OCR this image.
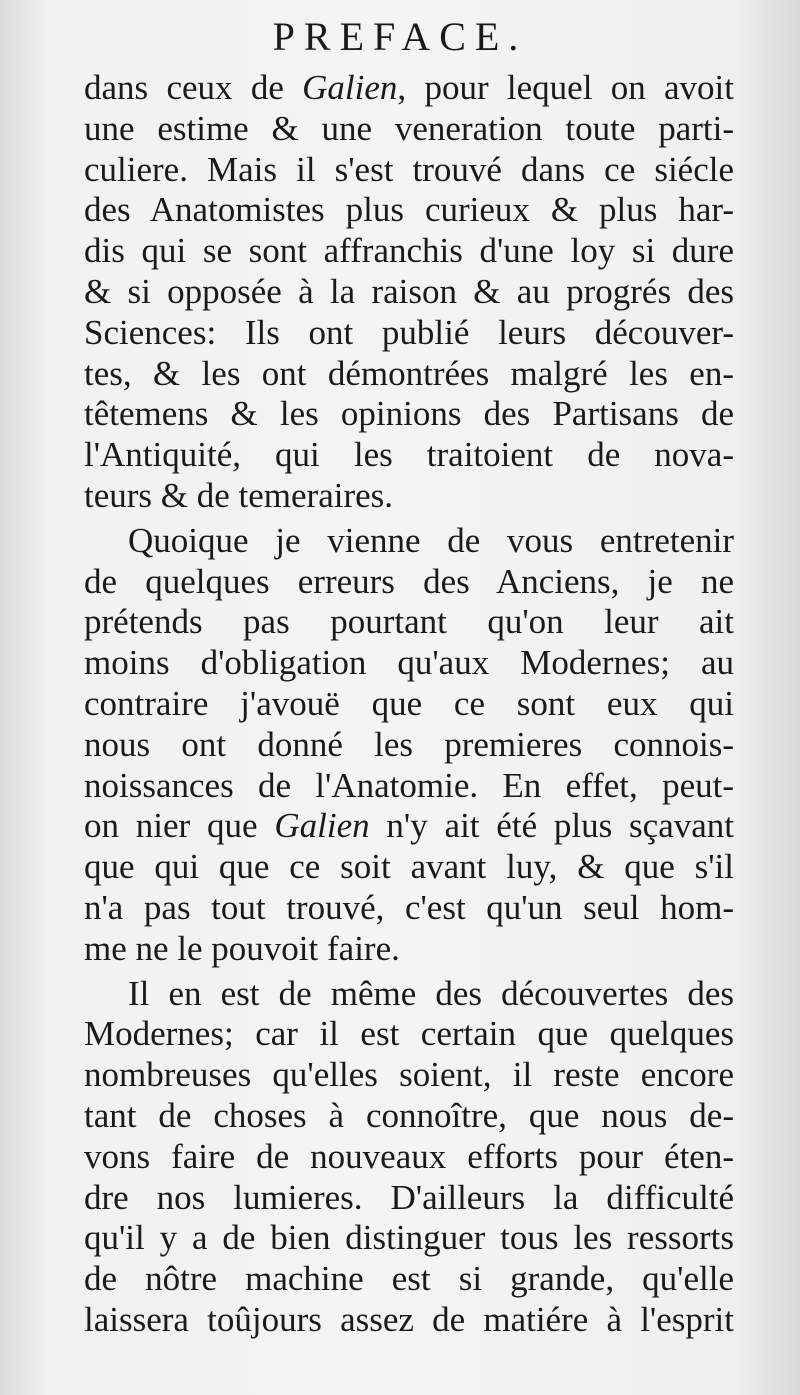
PREFACE.
dans ceux de Galien, pour lequel on avoit
une estime & une veneration toute parti-
culiere. Mais il s'est trouvé dans ce siécle
des Anatomistes plus curieux & plus har-
dis qui se sont affranchis d'une loy si dure
& si opposée à la raison & au progrés des
Sciences: Ils ont publié leurs découver-
tes, & les ont démontrées malgré les en-
têtemens & les opinions des Partisans de
l'Antiquité, qui les traitoient de nova-
teurs & de temeraires.
Quoique je vienne de vous entretenir
de quelques erreurs des Anciens, je ne
prétends pas pourtant qu'on leur ait
moins d'obligation qu'aux Modernes; au
contraire j'avouë que ce sont eux qui
nous ont donné les premieres connois-
noissances de l'Anatomie. En effet, peut-
on nier que Galien n'y ait été plus sçavant
que qui que ce soit avant luy, & que s'il
n'a pas tout trouvé, c'est qu'un seul hom-
me ne le pouvoit faire.
Il en est de même des découvertes des
Modernes; car il est certain que quelques
nombreuses qu'elles soient, il reste encore
tant de choses à connoître, que nous de-
vons faire de nouveaux efforts pour éten-
dre nos lumieres. D'ailleurs la difficulté
qu'il y a de bien distinguer tous les ressorts
de nôtre machine est si grande, qu'elle
laissera toûjours assez de matiére à l'esprit
